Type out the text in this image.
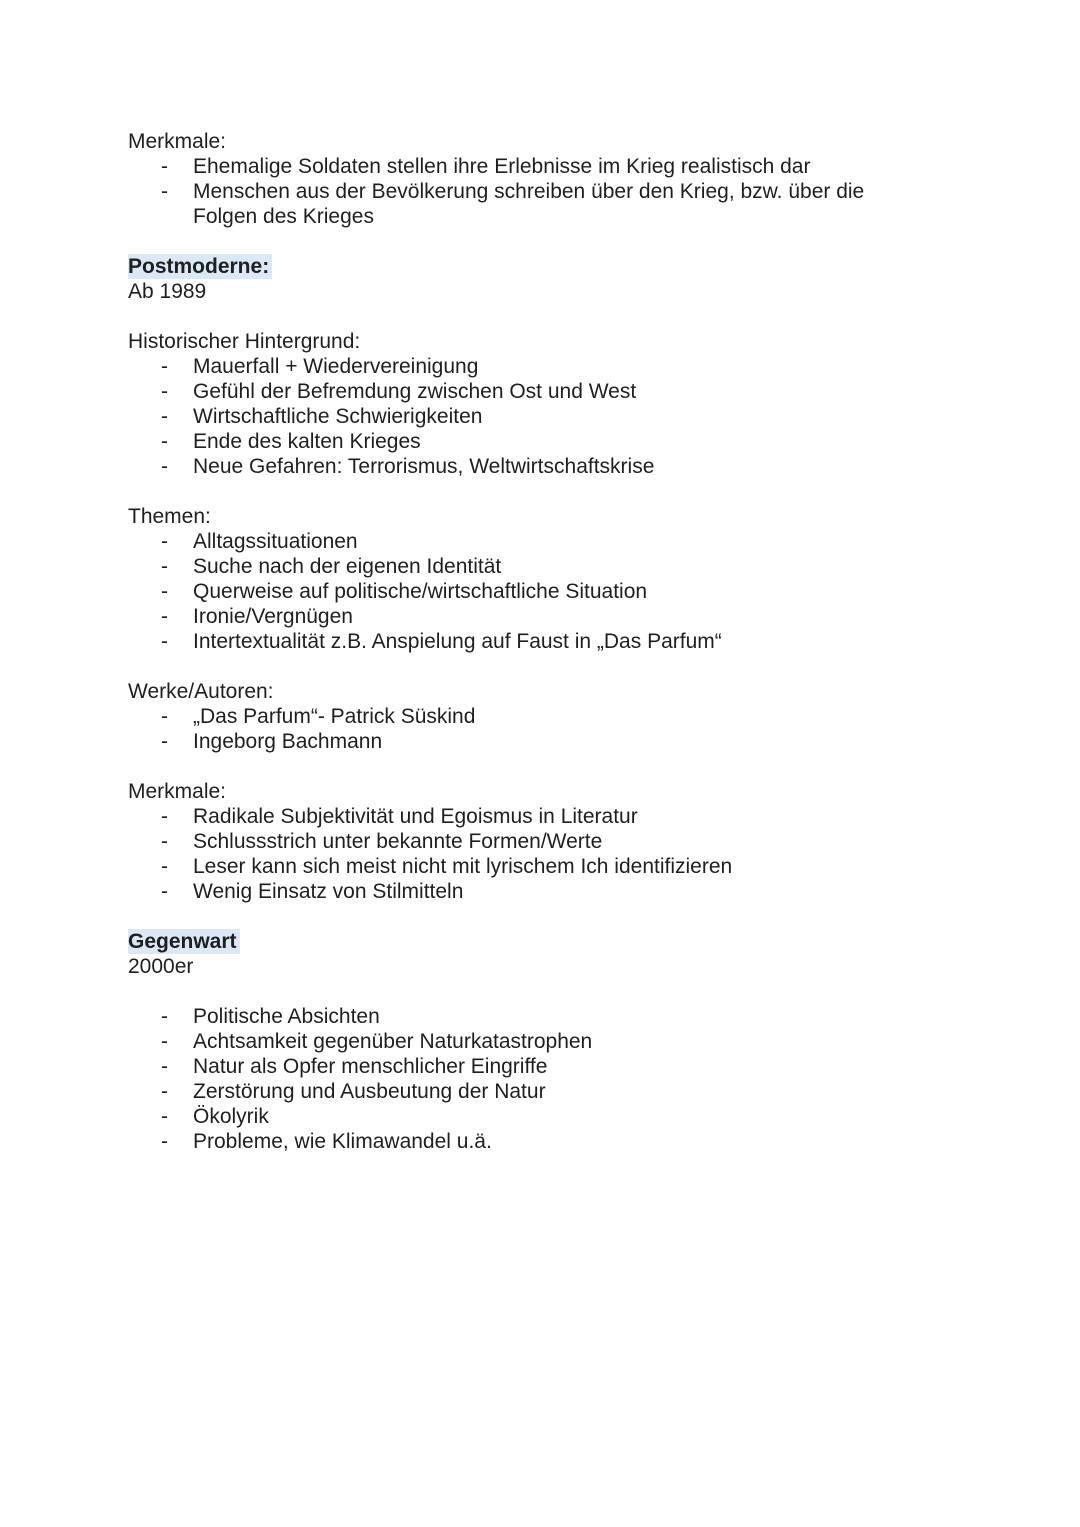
Merkmale:
- Ehemalige Soldaten stellen ihre Erlebnisse im Krieg realistisch dar
- Menschen aus der Bevölkerung schreiben über den Krieg, bzw. über die Folgen des Krieges
Postmoderne:
Ab 1989
Historischer Hintergrund:
- Mauerfall + Wiedervereinigung
- Gefühl der Befremdung zwischen Ost und West
- Wirtschaftliche Schwierigkeiten
- Ende des kalten Krieges
- Neue Gefahren: Terrorismus, Weltwirtschaftskrise
Themen:
- Alltagssituationen
- Suche nach der eigenen Identität
- Querweise auf politische/wirtschaftliche Situation
- Ironie/Vergnügen
- Intertextualität z.B. Anspielung auf Faust in „Das Parfum“
Werke/Autoren:
- „Das Parfum“- Patrick Süskind
- Ingeborg Bachmann
Merkmale:
- Radikale Subjektivität und Egoismus in Literatur
- Schlussstrich unter bekannte Formen/Werte
- Leser kann sich meist nicht mit lyrischem Ich identifizieren
- Wenig Einsatz von Stilmitteln
Gegenwart
2000er
- Politische Absichten
- Achtsamkeit gegenüber Naturkatastrophen
- Natur als Opfer menschlicher Eingriffe
- Zerstörung und Ausbeutung der Natur
- Ökolyrik
- Probleme, wie Klimawandel u.ä.
